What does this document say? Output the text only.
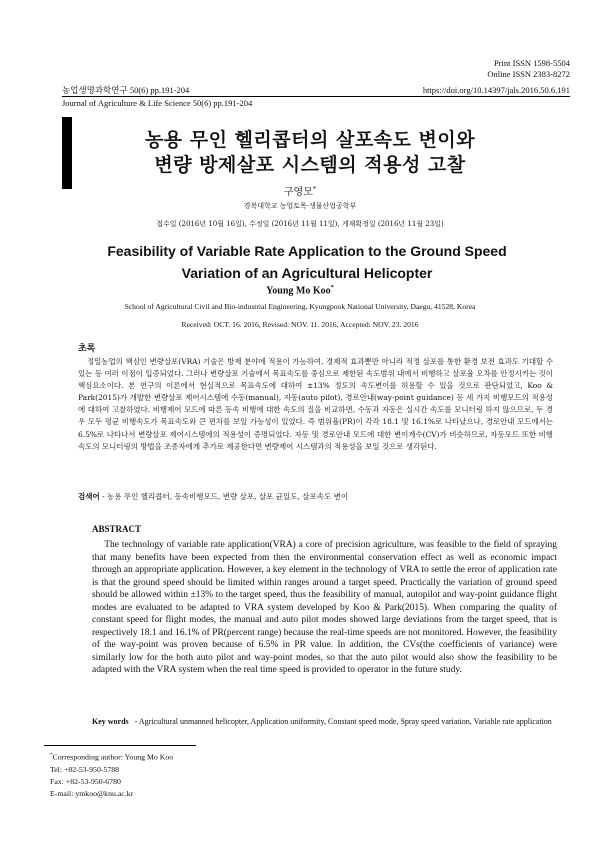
Print ISSN 1598-5504
Online ISSN 2383-8272
농업생명과학연구 50(6) pp.191-204	https://doi.org/10.14397/jals.2016.50.6.191
Journal of Agriculture & Life Science 50(6) pp.191-204
농용 무인 헬리콥터의 살포속도 변이와
변량 방제살포 시스템의 적용성 고찰
구영모*
경북대학교 농업토목·생물산업공학부
접수일 (2016년 10월 16일), 수정일 (2016년 11월 11일), 게재확정일 (2016년 11월 23일)
Feasibility of Variable Rate Application to the Ground Speed
Variation of an Agricultural Helicopter
Young Mo Koo*
School of Agricultural Civil and Bio-industrial Engineering, Kyungpook National University, Daegu, 41528, Korea
Received: OCT. 16. 2016, Revised: NOV. 11. 2016, Accepted: NOV. 23. 2016
초록
정밀농업의 핵심인 변량살포(VRA) 기술은 방제 분야에 적용이 가능하여, 경제적 효과뿐만 아니라 적정 살포를 통한 환경 보전 효과도 기대할 수 있는 등 여러 이점이 입증되었다. 그러나 변량살포 기술에서 목표속도를 중심으로 제한된 속도범위 내에서 비행하고 살포율 오차를 안정시키는 것이 핵심요소이다. 본 연구의 이론에서 현실적으로 목표속도에 대하여 ±13% 정도의 속도변이를 허용할 수 있을 것으로 판단되었고, Koo & Park(2015)가 개발한 변량살포 제어시스템에 수동(manual), 자동(auto pilot), 경로안내(way-point guidance) 등 세 가지 비행모드의 적용성에 대하여 고찰하였다. 비행제어 모드에 따른 등속 비행에 대한 속도의 질을 비교하면, 수동과 자동은 실시간 속도를 모니터링 하지 않으므로, 두 경우 모두 평균 비행속도가 목표속도와 큰 편차를 보일 가능성이 있었다. 즉 범위율(PR)이 각각 18.1 및 16.1%로 나타났으나, 경로안내 모드에서는 6.5%로 나타나서 변량살포 제어시스템에의 적용성이 증명되었다. 자동 및 경로안내 모드에 대한 변이계수(CV)가 비슷하므로, 자동모드 또한 비행속도의 모니터링의 방법을 조종자에게 추가로 제공한다면 변량제어 시스템과의 적용성을 보일 것으로 생각된다.
검색어 - 농용 무인 헬리콥터, 등속비행모드, 변량 살포, 살포 균일도, 살포속도 변이
ABSTRACT
The technology of variable rate application(VRA) a core of precision agriculture, was feasible to the field of spraying that many benefits have been expected from then the environmental conservation effect as well as economic impact through an appropriate application. However, a key element in the technology of VRA to settle the error of application rate is that the ground speed should be limited within ranges around a target speed. Practically the variation of ground speed should be allowed within ±13% to the target speed, thus the feasibility of manual, autopilot and way-point guidance flight modes are evaluated to be adapted to VRA system developed by Koo & Park(2015). When comparing the quality of constant speed for flight modes, the manual and auto pilot modes showed large deviations from the target speed, that is respectively 18.1 and 16.1% of PR(percent range) because the real-time speeds are not monitored. However, the feasibility of the way-point was proven because of 6.5% in PR value. In addition, the CVs(the coefficients of variance) were similarly low for the both auto pilot and way-point modes, so that the auto pilot would also show the feasibility to be adapted with the VRA system when the real time speed is provided to operator in the future study.
Key words - Agricultural unmanned helicopter, Application uniformity, Constant speed mode, Spray speed variation, Variable rate application
*Corresponding author: Young Mo Koo
Tel: +82-53-950-5788
Fax: +82-53-950-6780
E-mail: ymkoo@knu.ac.kr
